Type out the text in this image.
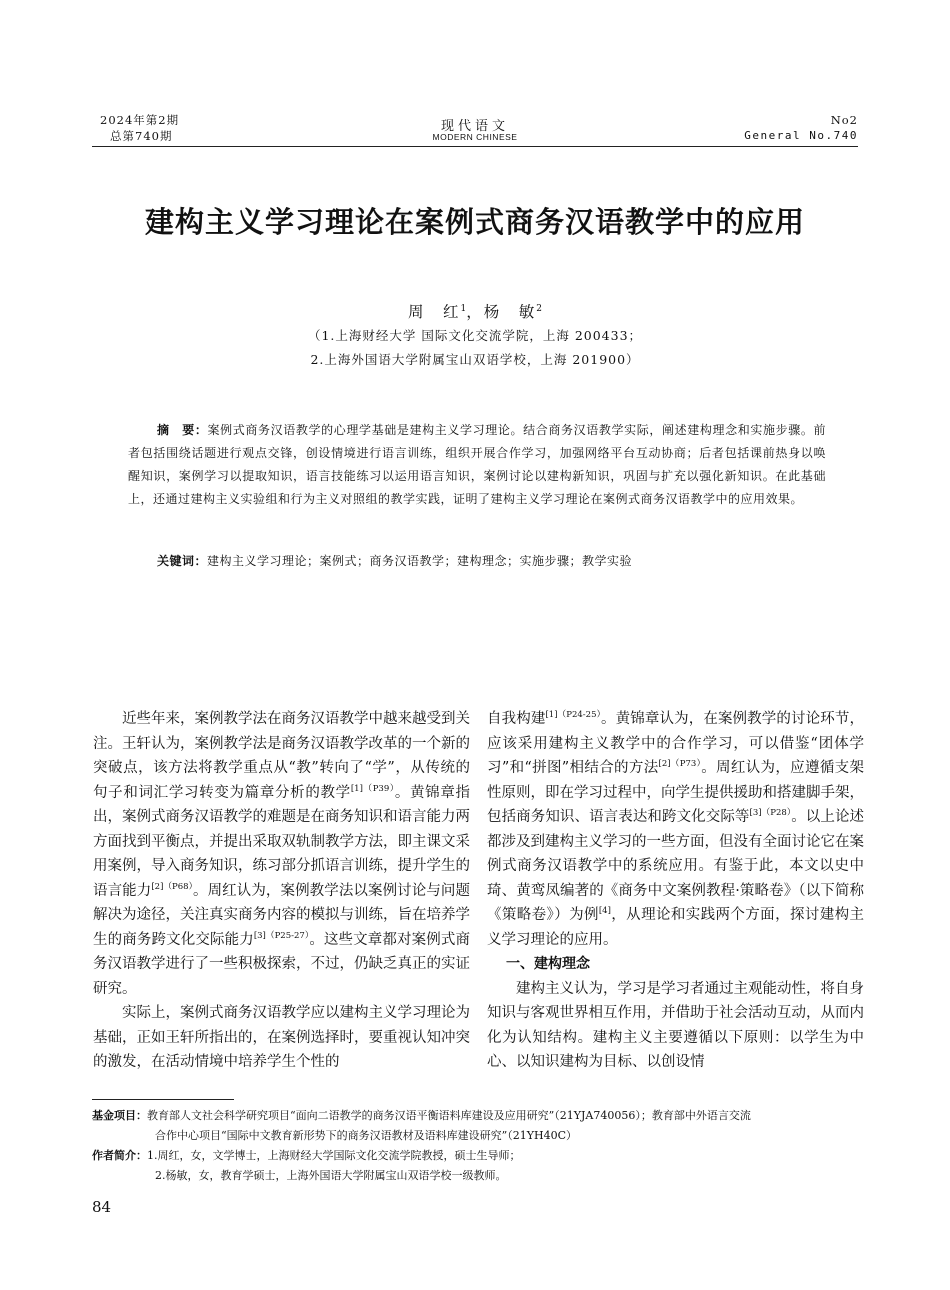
2024年第2期
总第740期
现代语文
MODERN CHINESE
No2
General No.740
建构主义学习理论在案例式商务汉语教学中的应用
周　红$^1$，杨　敏$^2$
（1.上海财经大学 国际文化交流学院，上海 200433；
2.上海外国语大学附属宝山双语学校，上海 201900）
摘　要：案例式商务汉语教学的心理学基础是建构主义学习理论。结合商务汉语教学实际，阐述建构理念和实施步骤。前者包括围绕话题进行观点交锋，创设情境进行语言训练，组织开展合作学习，加强网络平台互动协商；后者包括课前热身以唤醒知识，案例学习以提取知识，语言技能练习以运用语言知识，案例讨论以建构新知识，巩固与扩充以强化新知识。在此基础上，还通过建构主义实验组和行为主义对照组的教学实践，证明了建构主义学习理论在案例式商务汉语教学中的应用效果。
关键词：建构主义学习理论；案例式；商务汉语教学；建构理念；实施步骤；教学实验

近些年来，案例教学法在商务汉语教学中越来越受到关注。王轩认为，案例教学法是商务汉语教学改革的一个新的突破点，该方法将教学重点从“教”转向了“学”，从传统的句子和词汇学习转变为篇章分析的教学$^{[1](P39)}$。黄锦章指出，案例式商务汉语教学的难题是在商务知识和语言能力两方面找到平衡点，并提出采取双轨制教学方法，即主课文采用案例，导入商务知识，练习部分抓语言训练，提升学生的语言能力$^{[2](P68)}$。周红认为，案例教学法以案例讨论与问题解决为途径，关注真实商务内容的模拟与训练，旨在培养学生的商务跨文化交际能力$^{[3](P25-27)}$。这些文章都对案例式商务汉语教学进行了一些积极探索，不过，仍缺乏真正的实证研究。

实际上，案例式商务汉语教学应以建构主义学习理论为基础，正如王轩所指出的，在案例选择时，要重视认知冲突的激发，在活动情境中培养学生个性的

自我构建$^{[1](P24-25)}$。黄锦章认为，在案例教学的讨论环节，应该采用建构主义教学中的合作学习，可以借鉴“团体学习”和“拼图”相结合的方法$^{[2](P73)}$。周红认为，应遵循支架性原则，即在学习过程中，向学生提供援助和搭建脚手架，包括商务知识、语言表达和跨文化交际等$^{[3](P28)}$。以上论述都涉及到建构主义学习的一些方面，但没有全面讨论它在案例式商务汉语教学中的系统应用。有鉴于此，本文以史中琦、黄鸾凤编著的《商务中文案例教程·策略卷》（以下简称《策略卷》）为例[4]，从理论和实践两个方面，探讨建构主义学习理论的应用。

一、建构理念

建构主义认为，学习是学习者通过主观能动性，将自身知识与客观世界相互作用，并借助于社会活动互动，从而内化为认知结构。建构主义主要遵循以下原则：以学生为中心、以知识建构为目标、以创设情

基金项目：教育部人文社会科学研究项目“面向二语教学的商务汉语平衡语料库建设及应用研究”（21YJA740056）；教育部中外语言交流
合作中心项目“国际中文教育新形势下的商务汉语教材及语料库建设研究”（21YH40C）
作者简介：1.周红，女，文学博士，上海财经大学国际文化交流学院教授，硕士生导师；
2.杨敏，女，教育学硕士，上海外国语大学附属宝山双语学校一级教师。
84
